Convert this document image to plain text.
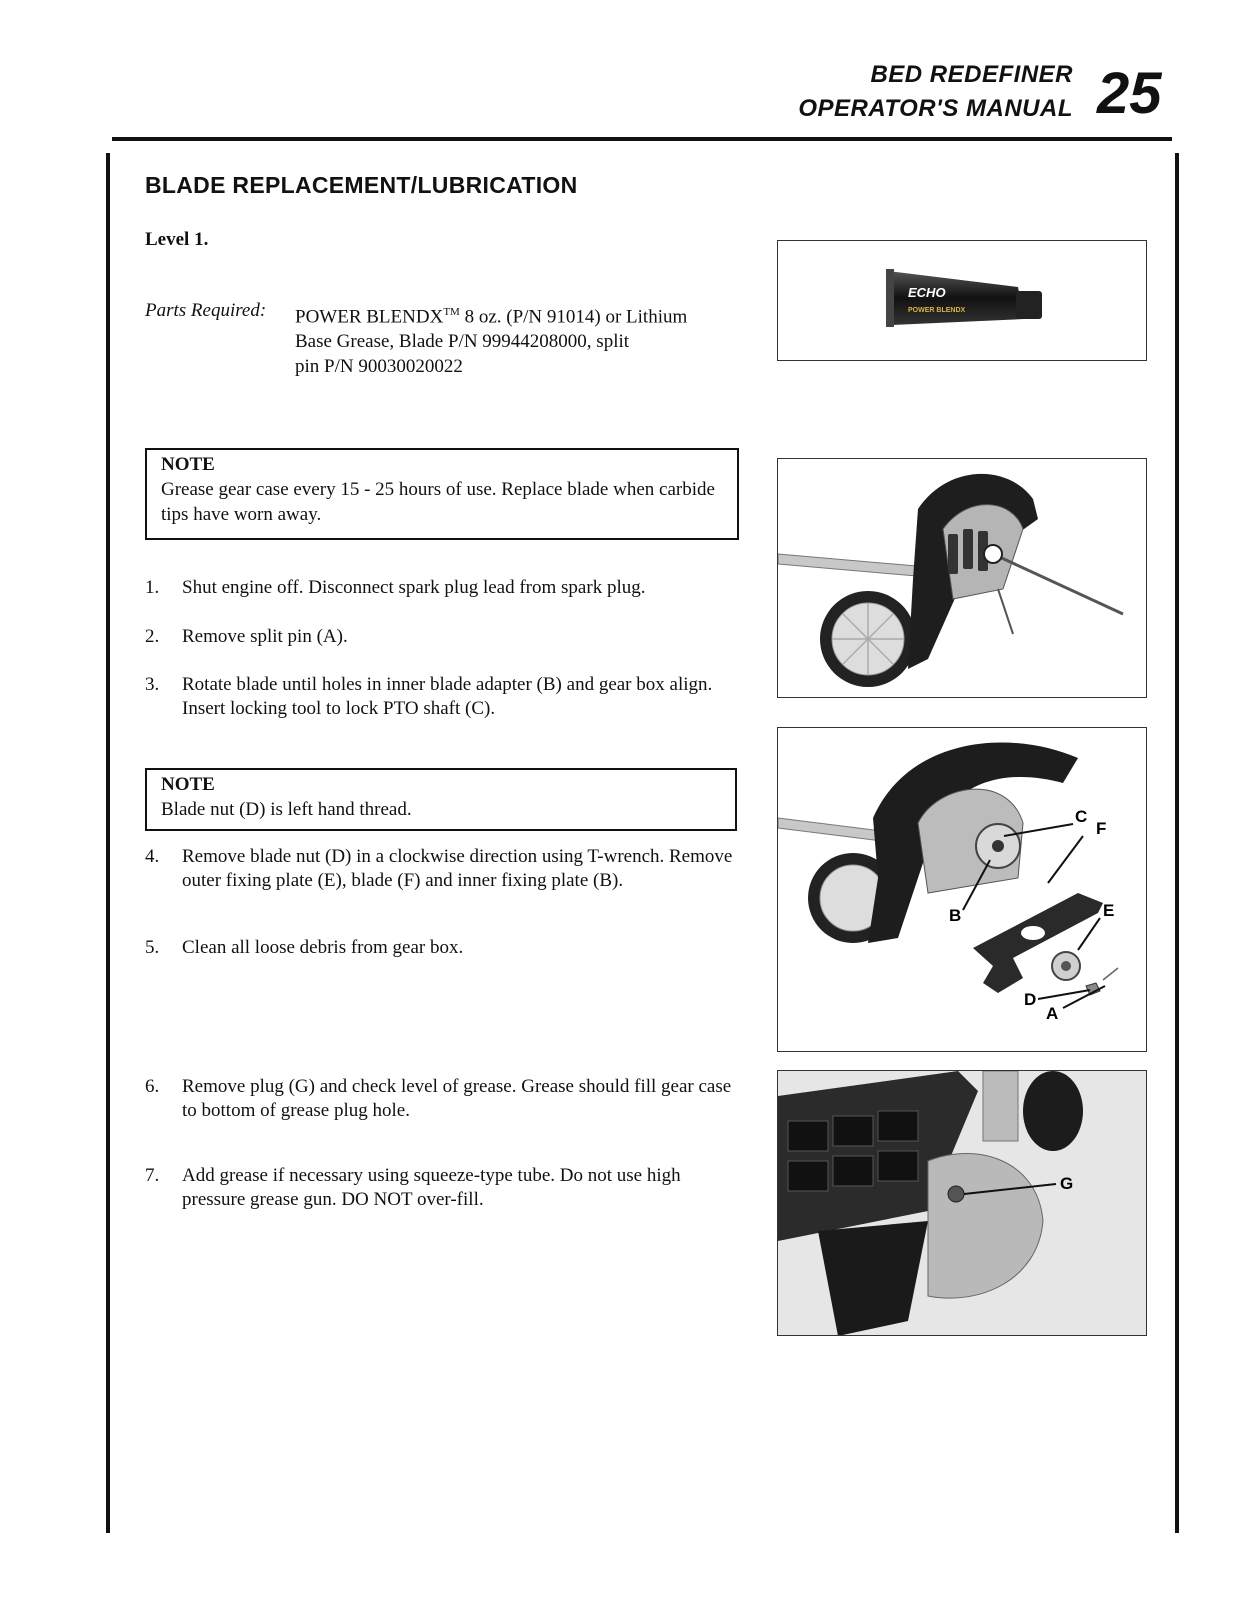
BED REDEFINER
OPERATOR'S MANUAL 25
BLADE REPLACEMENT/LUBRICATION
Level 1.
Parts Required: POWER BLENDX™ 8 oz. (P/N 91014) or Lithium
Base Grease, Blade P/N 99944208000, split
pin P/N 90030020022
NOTE
Grease gear case every 15 - 25 hours of use. Replace blade when carbide tips have worn away.
1. Shut engine off. Disconnect spark plug lead from spark plug.
2. Remove split pin (A).
3. Rotate blade until holes in inner blade adapter (B) and gear box align. Insert locking tool to lock PTO shaft (C).
NOTE
Blade nut (D) is left hand thread.
4. Remove blade nut (D) in a clockwise direction using T-wrench. Remove outer fixing plate (E), blade (F) and inner fixing plate (B).
5. Clean all loose debris from gear box.
6. Remove plug (G) and check level of grease. Grease should fill gear case to bottom of grease plug hole.
7. Add grease if necessary using squeeze-type tube. Do not use high pressure grease gun. DO NOT over-fill.
ECHO
POWER BLENDX
C
F
B	E
D
A
G
